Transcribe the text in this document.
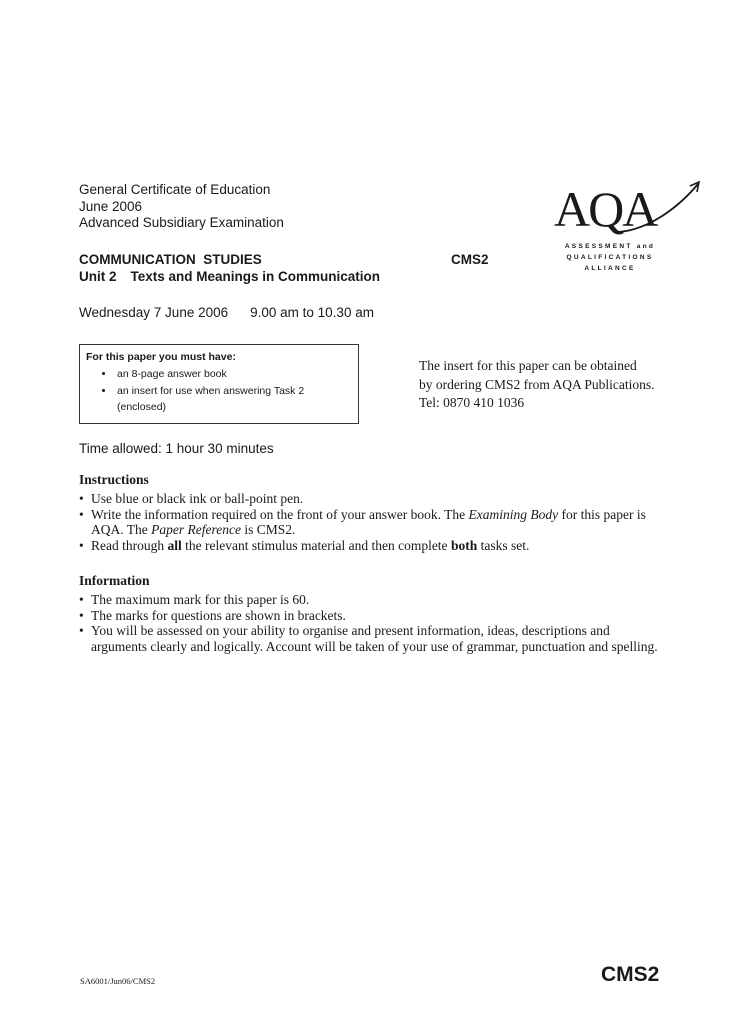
General Certificate of Education
June 2006
Advanced Subsidiary Examination	AQA
ASSESSMENT and
QUALIFICATIONS
ALLIANCE
COMMUNICATION  STUDIES	CMS2
Unit 2 Texts and Meanings in Communication
Wednesday 7 June 2006 9.00 am to 10.30 am
For this paper you must have:
• an 8-page answer book
• an insert for use when answering Task 2
(enclosed)
The insert for this paper can be obtained
by ordering CMS2 from AQA Publications.
Tel: 0870 410 1036
Time allowed: 1 hour 30 minutes
Instructions
• Use blue or black ink or ball-point pen.
• Write the information required on the front of your answer book. The Examining Body for this paper is AQA. The Paper Reference is CMS2.
• Read through all the relevant stimulus material and then complete both tasks set.
Information
• The maximum mark for this paper is 60.
• The marks for questions are shown in brackets.
• You will be assessed on your ability to organise and present information, ideas, descriptions and arguments clearly and logically. Account will be taken of your use of grammar, punctuation and spelling.
SA6001/Jun06/CMS2	CMS2
